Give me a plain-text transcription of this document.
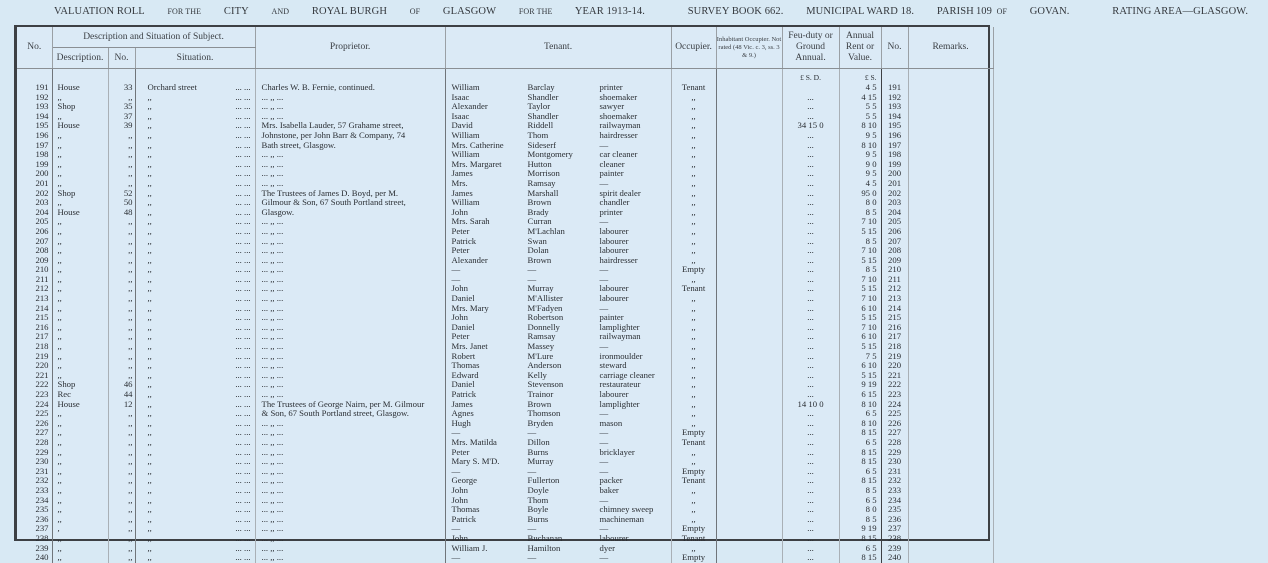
VALUATION ROLL	FOR THE CITY	AND ROYAL BURGH	OF GLASGOW	FOR THE YEAR 1913-14.	SURVEY BOOK 662. MUNICIPAL WARD 18. PARISH	OF GOVAN.	RATING AREA—GLASGOW.
109
No.	Description and Situation of Subject.			Proprietor.	Tenant.	Occupier.	Inhabitant Occupier. Not rated (48 Vic. c. 3, ss. 3 & 9.)	Feu-duty or Ground Annual.	Annual Rent or Value.	No.	Remarks.
	Description.	No.	Situation.								
								£ S. D.	£ S.		
191	House	33	Orchard street ... ...	Charles W. B. Fernie, continued.	William Barclay printer	Tenant			4 5	191	
192	,,	,,	,, ... ...	... ,, ...	Isaac Shandler shoemaker	,,		...	4 15	192	
193	Shop	35	,, ... ...	... ,, ...	Alexander Taylor sawyer	,,		...	5 5	193	
194	,,	37	,, ... ...	... ,, ...	Isaac Shandler shoemaker	,,		...	5 5	194	
195	House	39	,, ... ...	Mrs. Isabella Lauder, 57 Grahame street,	David Riddell railwayman	,,		34 15 0	8 10	195	
196	,,	,,	,, ... ...	Johnstone, per John Barr & Company, 74	William Thom hairdresser	,,		...	9 5	196	
197	,,	,,	,, ... ...	Bath street, Glasgow.	Mrs. Catherine Sideserf —	,,		...	8 10	197	
198	,,	,,	,, ... ...	... ,, ...	William Montgomery car cleaner	,,		...	9 5	198	
199	,,	,,	,, ... ...	... ,, ...	Mrs. Margaret Hutton cleaner	,,		...	9 0	199	
200	,,	,,	,, ... ...	... ,, ...	James Morrison painter	,,		...	9 5	200	
201	,,	,,	,, ... ...	... ,, ...	Mrs. Ramsay —	,,		...	4 5	201	
202	Shop	52	,, ... ...	The Trustees of James D. Boyd, per M.	James Marshall spirit dealer	,,		...	95 0	202	
203	,,	50	,, ... ...	Gilmour & Son, 67 South Portland street,	William Brown chandler	,,		...	8 0	203	
204	House	48	,, ... ...	Glasgow.	John Brady printer	,,		...	8 5	204	
205	,,	,,	,, ... ...	... ,, ...	Mrs. Sarah Curran —	,,		...	7 10	205	
206	,,	,,	,, ... ...	... ,, ...	Peter M'Lachlan labourer	,,		...	5 15	206	
207	,,	,,	,, ... ...	... ,, ...	Patrick Swan labourer	,,		...	8 5	207	
208	,,	,,	,, ... ...	... ,, ...	Peter Dolan labourer	,,		...	7 10	208	
209	,,	,,	,, ... ...	... ,, ...	Alexander Brown hairdresser	,,		...	5 15	209	
210	,,	,,	,, ... ...	... ,, ...	— — —	Empty		...	8 5	210	
211	,,	,,	,, ... ...	... ,, ...	— — —	,,		...	7 10	211	
212	,,	,,	,, ... ...	... ,, ...	John Murray labourer	Tenant		...	5 15	212	
213	,,	,,	,, ... ...	... ,, ...	Daniel M'Allister labourer	,,		...	7 10	213	
214	,,	,,	,, ... ...	... ,, ...	Mrs. Mary M'Fadyen —	,,		...	6 10	214	
215	,,	,,	,, ... ...	... ,, ...	John Robertson painter	,,		...	5 15	215	
216	,,	,,	,, ... ...	... ,, ...	Daniel Donnelly lamplighter	,,		...	7 10	216	
217	,,	,,	,, ... ...	... ,, ...	Peter Ramsay railwayman	,,		...	6 10	217	
218	,,	,,	,, ... ...	... ,, ...	Mrs. Janet Massey —	,,		...	5 15	218	
219	,,	,,	,, ... ...	... ,, ...	Robert M'Lure ironmoulder	,,		...	7 5	219	
220	,,	,,	,, ... ...	... ,, ...	Thomas Anderson steward	,,		...	6 10	220	
221	,,	,,	,, ... ...	... ,, ...	Edward Kelly carriage cleaner	,,		...	5 15	221	
222	Shop	46	,, ... ...	... ,, ...	Daniel Stevenson restaurateur	,,		...	9 19	222	
223	Rec	44	,, ... ...	... ,, ...	Patrick Trainor labourer	,,		...	6 15	223	
224	House	12	,, ... ...	The Trustees of George Nairn, per M. Gilmour	James Brown lamplighter	,,		14 10 0	8 10	224	
225	,,	,,	,, ... ...	& Son, 67 South Portland street, Glasgow.	Agnes Thomson —	,,		...	6 5	225	
226	,,	,,	,, ... ...	... ,, ...	Hugh Bryden mason	,,		...	8 10	226	
227	,,	,,	,, ... ...	... ,, ...	— — —	Empty		...	8 15	227	
228	,,	,,	,, ... ...	... ,, ...	Mrs. Matilda Dillon —	Tenant		...	6 5	228	
229	,,	,,	,, ... ...	... ,, ...	Peter Burns bricklayer	,,		...	8 15	229	
230	,,	,,	,, ... ...	... ,, ...	Mary S. M'D. Murray —	,,		...	8 15	230	
231	,,	,,	,, ... ...	... ,, ...	— — —	Empty		...	6 5	231	
232	,,	,,	,, ... ...	... ,, ...	George Fullerton packer	Tenant		...	8 15	232	
233	,,	,,	,, ... ...	... ,, ...	John Doyle baker	,,		...	8 5	233	
234	,,	,,	,, ... ...	... ,, ...	John Thom —	,,		...	6 5	234	
235	,,	,,	,, ... ...	... ,, ...	Thomas Boyle chimney sweep	,,		...	8 0	235	
236	,,	,,	,, ... ...	... ,, ...	Patrick Burns machineman	,,		...	8 5	236	
237	,	,,	,, ... ...	... ,, ...	— — —	Empty		...	9 19	237	
238	,,	,,	,, ... ...	... ,, ...	John Buchanan labourer	Tenant		...	8 15	238	
239	,,	,,	,, ... ...	... ,, ...	William J. Hamilton dyer	,,		...	6 5	239	
240	,,	,,	,, ... ...	... ,, ...	— — —	Empty		...	8 15	240	
